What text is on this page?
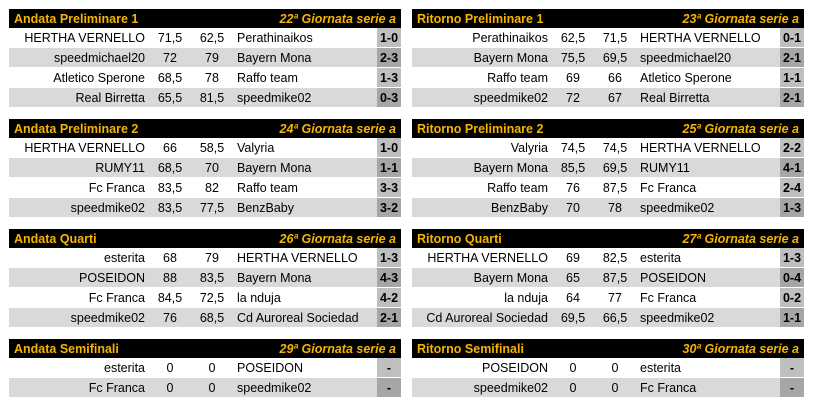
Andata Preliminare 1	22ª Giornata serie a
HERTHA VERNELLO	71,5	62,5	Perathinaikos	1-0
speedmichael20	72	79	Bayern Mona	2-3
Atletico Sperone	68,5	78	Raffo team	1-3
Real Birretta	65,5	81,5	speedmike02	0-3
Ritorno Preliminare 1	23ª Giornata serie a
Perathinaikos	62,5	71,5	HERTHA VERNELLO	0-1
Bayern Mona	75,5	69,5	speedmichael20	2-1
Raffo team	69	66	Atletico Sperone	1-1
speedmike02	72	67	Real Birretta	2-1
Andata Preliminare 2	24ª Giornata serie a
HERTHA VERNELLO	66	58,5	Valyria	1-0
RUMY11	68,5	70	Bayern Mona	1-1
Fc Franca	83,5	82	Raffo team	3-3
speedmike02	83,5	77,5	BenzBaby	3-2
Ritorno Preliminare 2	25ª Giornata serie a
Valyria	74,5	74,5	HERTHA VERNELLO	2-2
Bayern Mona	85,5	69,5	RUMY11	4-1
Raffo team	76	87,5	Fc Franca	2-4
BenzBaby	70	78	speedmike02	1-3
Andata Quarti	26ª Giornata serie a
esterita	68	79	HERTHA VERNELLO	1-3
POSEIDON	88	83,5	Bayern Mona	4-3
Fc Franca	84,5	72,5	la nduja	4-2
speedmike02	76	68,5	Cd Auroreal Sociedad	2-1
Ritorno Quarti	27ª Giornata serie a
HERTHA VERNELLO	69	82,5	esterita	1-3
Bayern Mona	65	87,5	POSEIDON	0-4
la nduja	64	77	Fc Franca	0-2
Cd Auroreal Sociedad	69,5	66,5	speedmike02	1-1
Andata Semifinali	29ª Giornata serie a
esterita	0	0	POSEIDON	-
Fc Franca	0	0	speedmike02	-
Ritorno Semifinali	30ª Giornata serie a
POSEIDON	0	0	esterita	-
speedmike02	0	0	Fc Franca	-
